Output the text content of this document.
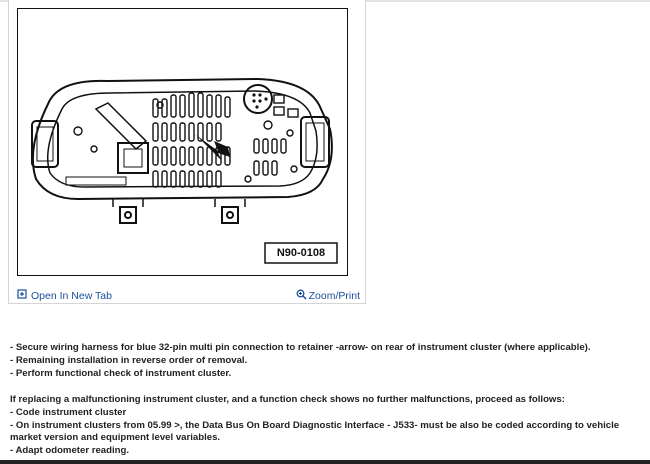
N90-0108
Open In New Tab	Zoom/Print

- Secure wiring harness for blue 32-pin multi pin connection to retainer -arrow- on rear of instrument cluster (where applicable).

- Remaining installation in reverse order of removal.

- Perform functional check of instrument cluster.

If replacing a malfunctioning instrument cluster, and a function check shows no further malfunctions, proceed as follows:

- Code instrument cluster

- On instrument clusters from 05.99 >, the Data Bus On Board Diagnostic Interface - J533- must be also be coded according to vehicle market version and equipment level variables.

- Adapt odometer reading.
